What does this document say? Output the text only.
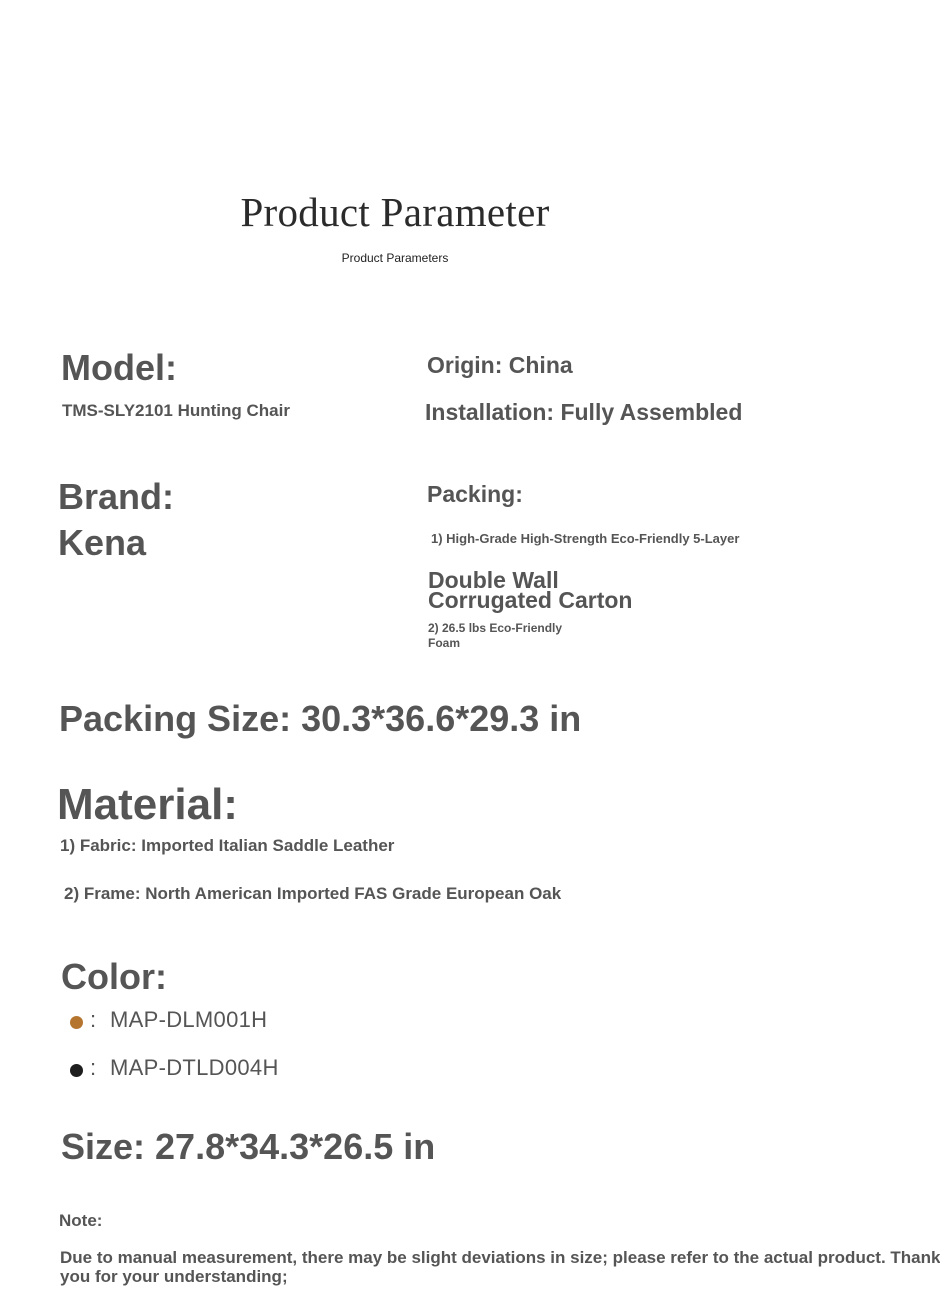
Product Parameter
Product Parameters
Model:
TMS-SLY2101 Hunting Chair
Origin: China
Installation: Fully Assembled
Brand:
Kena
Packing:
1) High-Grade High-Strength Eco-Friendly 5-Layer
Double Wall
Corrugated Carton
2) 26.5 lbs Eco-Friendly
Foam
Packing Size: 30.3*36.6*29.3 in
Material:
1) Fabric: Imported Italian Saddle Leather
2) Frame: North American Imported FAS Grade European Oak
Color:
: MAP-DLM001H
: MAP-DTLD004H
Size: 27.8*34.3*26.5 in
Note:
Due to manual measurement, there may be slight deviations in size; please refer to the actual product. Thank
you for your understanding;
